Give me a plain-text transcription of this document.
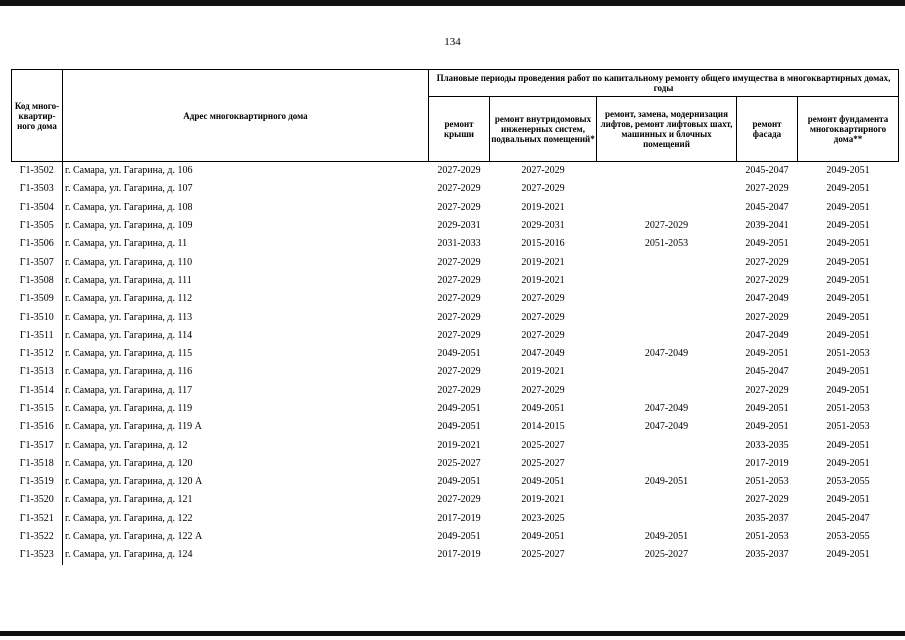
134
Код много-квартир-ного дома	Адрес многоквартирного дома	Плановые периоды проведения работ по капитальному ремонту общего имущества в многоквартирных домах, годы				
		ремонт крыши	ремонт внутридомовых инженерных систем, подвальных помещений*	ремонт, замена, модернизация лифтов, ремонт лифтовых шахт, машинных и блочных помещений	ремонт фасада	ремонт фундамента многоквартирного дома**
Г1-3502	г. Самара, ул. Гагарина, д. 106	2027-2029	2027-2029		2045-2047	2049-2051
Г1-3503	г. Самара, ул. Гагарина, д. 107	2027-2029	2027-2029		2027-2029	2049-2051
Г1-3504	г. Самара, ул. Гагарина, д. 108	2027-2029	2019-2021		2045-2047	2049-2051
Г1-3505	г. Самара, ул. Гагарина, д. 109	2029-2031	2029-2031	2027-2029	2039-2041	2049-2051
Г1-3506	г. Самара, ул. Гагарина, д. 11	2031-2033	2015-2016	2051-2053	2049-2051	2049-2051
Г1-3507	г. Самара, ул. Гагарина, д. 110	2027-2029	2019-2021		2027-2029	2049-2051
Г1-3508	г. Самара, ул. Гагарина, д. 111	2027-2029	2019-2021		2027-2029	2049-2051
Г1-3509	г. Самара, ул. Гагарина, д. 112	2027-2029	2027-2029		2047-2049	2049-2051
Г1-3510	г. Самара, ул. Гагарина, д. 113	2027-2029	2027-2029		2027-2029	2049-2051
Г1-3511	г. Самара, ул. Гагарина, д. 114	2027-2029	2027-2029		2047-2049	2049-2051
Г1-3512	г. Самара, ул. Гагарина, д. 115	2049-2051	2047-2049	2047-2049	2049-2051	2051-2053
Г1-3513	г. Самара, ул. Гагарина, д. 116	2027-2029	2019-2021		2045-2047	2049-2051
Г1-3514	г. Самара, ул. Гагарина, д. 117	2027-2029	2027-2029		2027-2029	2049-2051
Г1-3515	г. Самара, ул. Гагарина, д. 119	2049-2051	2049-2051	2047-2049	2049-2051	2051-2053
Г1-3516	г. Самара, ул. Гагарина, д. 119 А	2049-2051	2014-2015	2047-2049	2049-2051	2051-2053
Г1-3517	г. Самара, ул. Гагарина, д. 12	2019-2021	2025-2027		2033-2035	2049-2051
Г1-3518	г. Самара, ул. Гагарина, д. 120	2025-2027	2025-2027		2017-2019	2049-2051
Г1-3519	г. Самара, ул. Гагарина, д. 120 А	2049-2051	2049-2051	2049-2051	2051-2053	2053-2055
Г1-3520	г. Самара, ул. Гагарина, д. 121	2027-2029	2019-2021		2027-2029	2049-2051
Г1-3521	г. Самара, ул. Гагарина, д. 122	2017-2019	2023-2025		2035-2037	2045-2047
Г1-3522	г. Самара, ул. Гагарина, д. 122 А	2049-2051	2049-2051	2049-2051	2051-2053	2053-2055
Г1-3523	г. Самара, ул. Гагарина, д. 124	2017-2019	2025-2027	2025-2027	2035-2037	2049-2051
